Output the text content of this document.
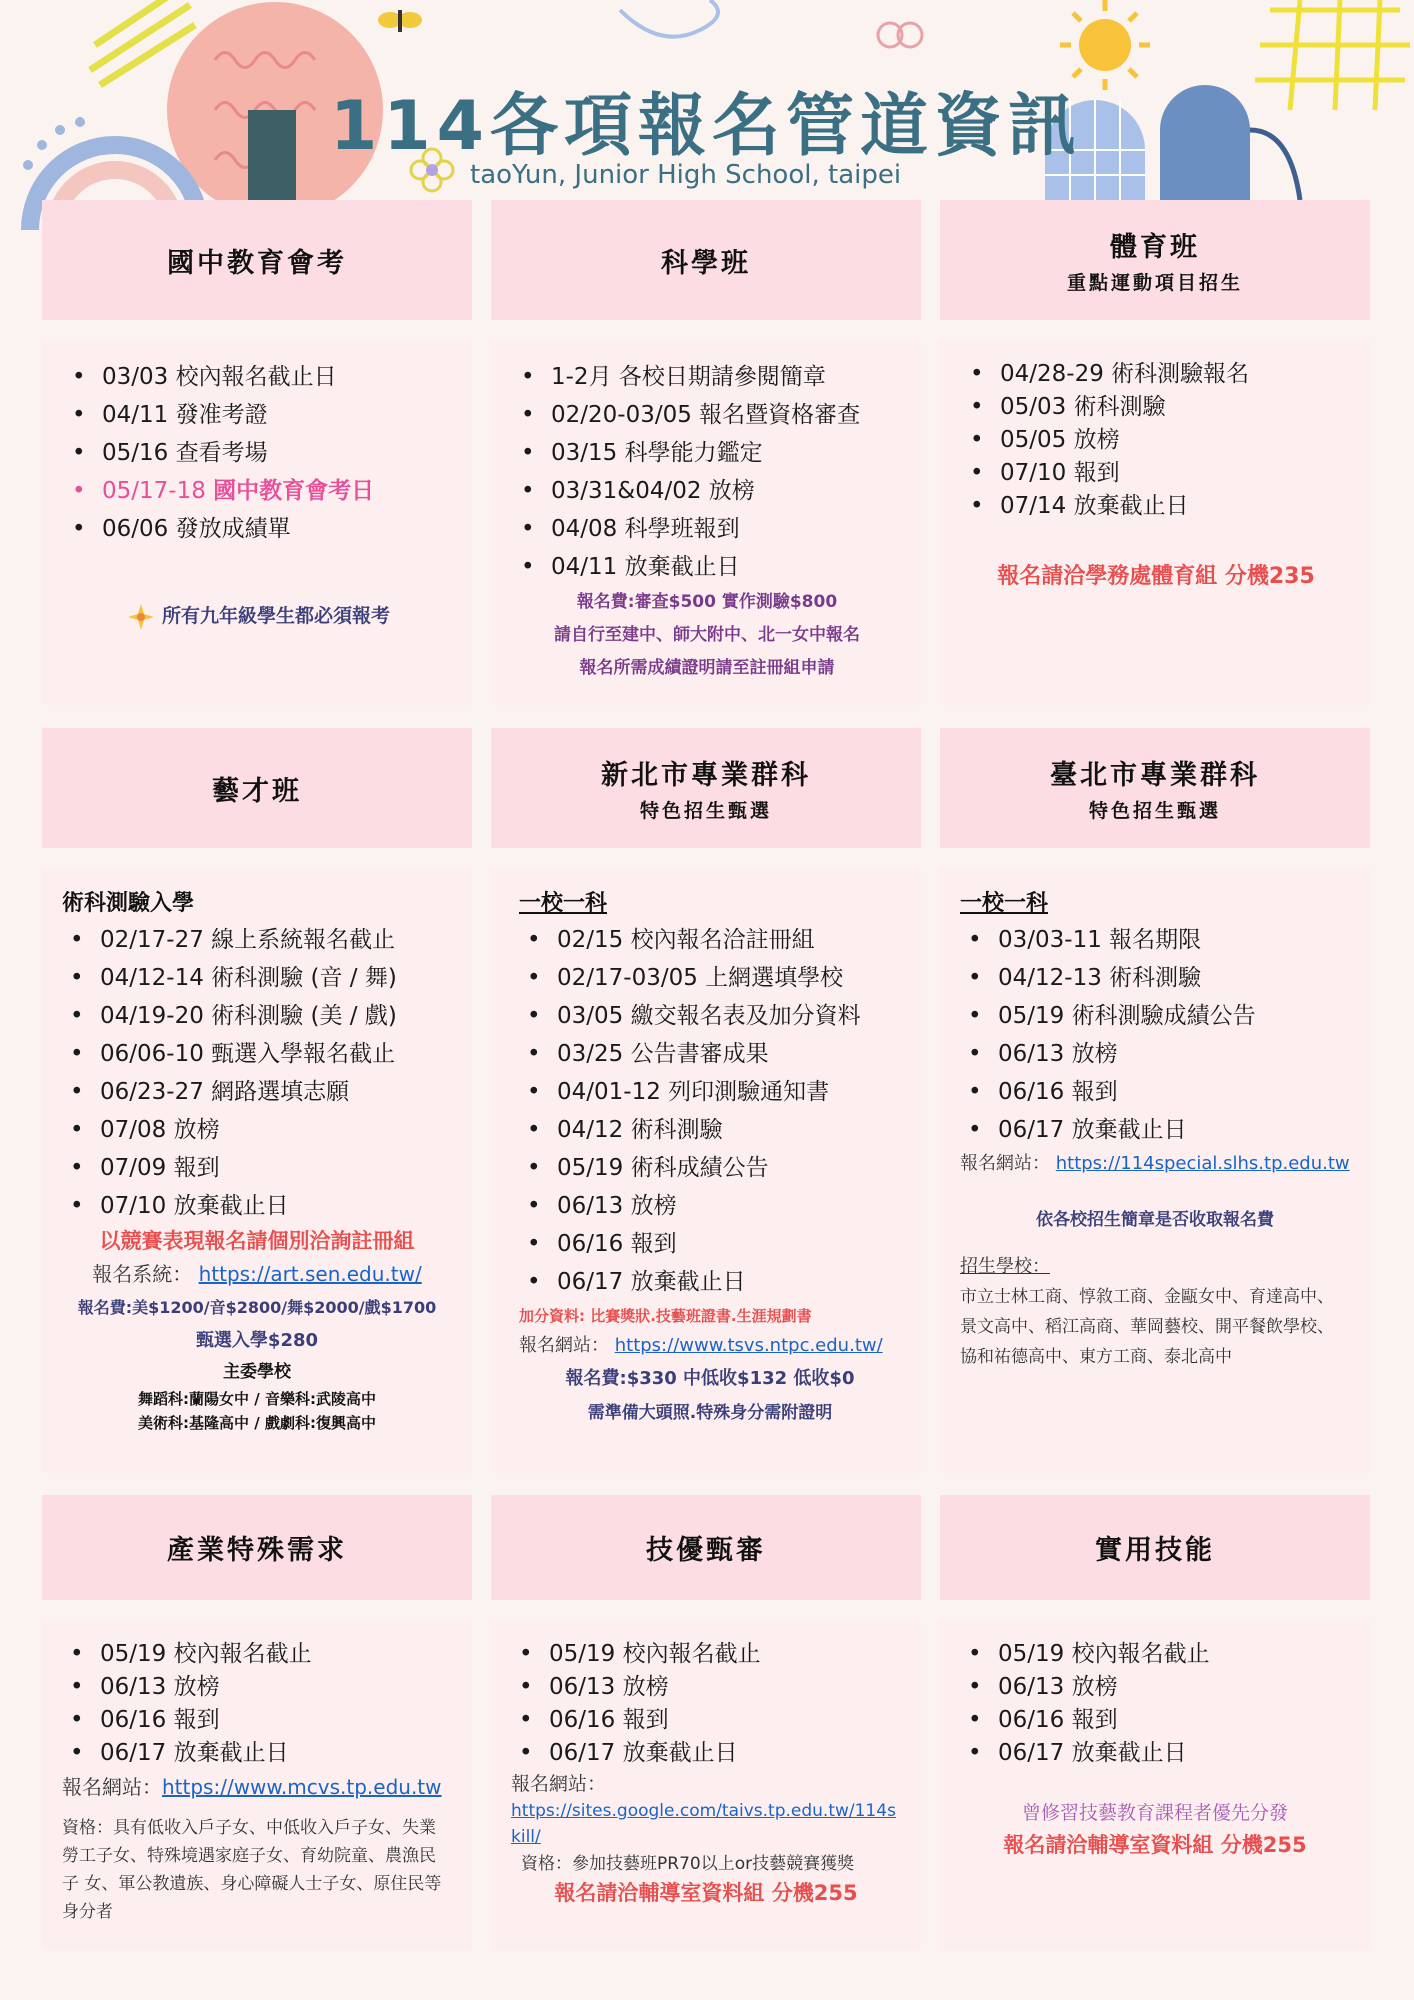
114各項報名管道資訊
taoYun, Junior High School, taipei
國中教育會考
• 03/03 校內報名截止日
• 04/11 發准考證
• 05/16 查看考場
• 05/17-18 國中教育會考日
• 06/06 發放成績單
所有九年級學生都必須報考
科學班
• 1-2月 各校日期請參閱簡章
• 02/20-03/05 報名暨資格審查
• 03/15 科學能力鑑定
• 03/31&04/02 放榜
• 04/08 科學班報到
• 04/11 放棄截止日
報名費:審查$500 實作測驗$800
請自行至建中、師大附中、北一女中報名
報名所需成績證明請至註冊組申請
體育班
重點運動項目招生
• 04/28-29 術科測驗報名
• 05/03 術科測驗
• 05/05 放榜
• 07/10 報到
• 07/14 放棄截止日
報名請洽學務處體育組 分機235
藝才班
術科測驗入學
• 02/17-27 線上系統報名截止
• 04/12-14 術科測驗 (音 / 舞)
• 04/19-20 術科測驗 (美 / 戲)
• 06/06-10 甄選入學報名截止
• 06/23-27 網路選填志願
• 07/08 放榜
• 07/09 報到
• 07/10 放棄截止日
以競賽表現報名請個別洽詢註冊組
報名系統： https://art.sen.edu.tw/
報名費:美$1200/音$2800/舞$2000/戲$1700
甄選入學$280
主委學校
舞蹈科:蘭陽女中 / 音樂科:武陵高中
美術科:基隆高中 / 戲劇科:復興高中
新北市專業群科
特色招生甄選
一校一科
• 02/15 校內報名洽註冊組
• 02/17-03/05 上網選填學校
• 03/05 繳交報名表及加分資料
• 03/25 公告書審成果
• 04/01-12 列印測驗通知書
• 04/12 術科測驗
• 05/19 術科成績公告
• 06/13 放榜
• 06/16 報到
• 06/17 放棄截止日
加分資料: 比賽獎狀.技藝班證書.生涯規劃書
報名網站： https://www.tsvs.ntpc.edu.tw/
報名費:$330 中低收$132 低收$0
需準備大頭照.特殊身分需附證明
臺北市專業群科
特色招生甄選
一校一科
• 03/03-11 報名期限
• 04/12-13 術科測驗
• 05/19 術科測驗成績公告
• 06/13 放榜
• 06/16 報到
• 06/17 放棄截止日
報名網站： https://114special.slhs.tp.edu.tw
依各校招生簡章是否收取報名費
招生學校：
市立士林工商、惇敘工商、金甌女中、育達高中、景文高中、稻江高商、華岡藝校、開平餐飲學校、協和祐德高中、東方工商、泰北高中
產業特殊需求
• 05/19 校內報名截止
• 06/13 放榜
• 06/16 報到
• 06/17 放棄截止日
報名網站：https://www.mcvs.tp.edu.tw
資格：具有低收入戶子女、中低收入戶子女、失業勞工子女、特殊境遇家庭子女、育幼院童、農漁民子 女、軍公教遺族、身心障礙人士子女、原住民等身分者
技優甄審
• 05/19 校內報名截止
• 06/13 放榜
• 06/16 報到
• 06/17 放棄截止日
報名網站：
https://sites.google.com/taivs.tp.edu.tw/114skill/
資格：參加技藝班PR70以上or技藝競賽獲獎
報名請洽輔導室資料組 分機255
實用技能
• 05/19 校內報名截止
• 06/13 放榜
• 06/16 報到
• 06/17 放棄截止日
曾修習技藝教育課程者優先分發
報名請洽輔導室資料組 分機255
